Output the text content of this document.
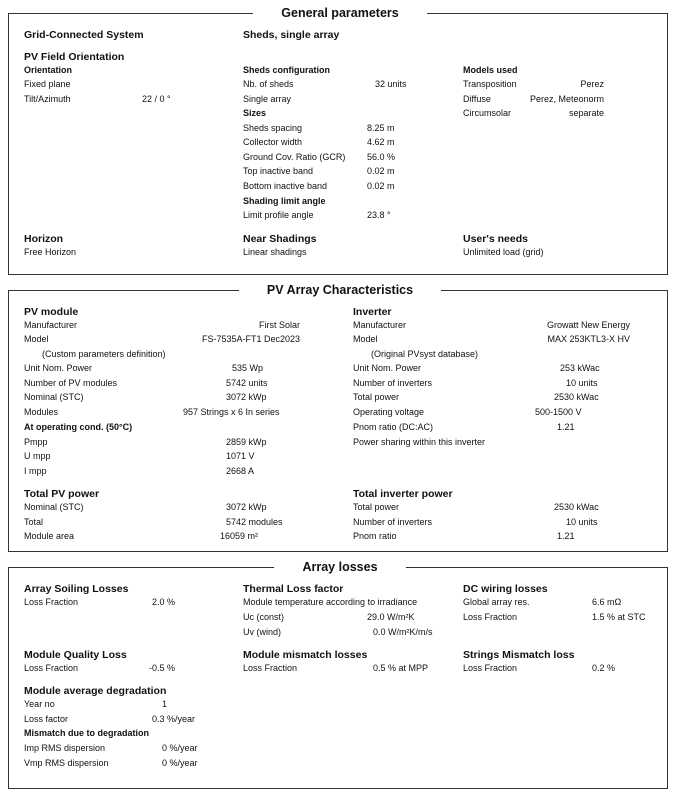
General parameters
Grid-Connected System	Sheds, single array
PV Field Orientation
Orientation
Fixed plane
Tilt/Azimuth	22 / 0 °
Sheds configuration
Nb. of sheds	32 units
Single array
Sizes
Sheds spacing	8.25 m
Collector width	4.62 m
Ground Cov. Ratio (GCR) 56.0 %
Top inactive band	0.02 m
Bottom inactive band	0.02 m
Shading limit angle
Limit profile angle	23.8 °
Models used
Transposition	Perez
Diffuse	Perez, Meteonorm
Circumsolar	separate
Horizon
Free Horizon
Near Shadings
Linear shadings
User's needs
Unlimited load (grid)
PV Array Characteristics
PV module
Manufacturer	First Solar
Model	FS-7535A-FT1 Dec2023
(Custom parameters definition)
Unit Nom. Power	535 Wp
Number of PV modules	5742 units
Nominal (STC)	3072 kWp
Modules	957 Strings x 6 In series
At operating cond. (50°C)
Pmpp	2859 kWp
U mpp	1071 V
I mpp	2668 A
Inverter
Manufacturer	Growatt New Energy
Model	MAX 253KTL3-X HV
(Original PVsyst database)
Unit Nom. Power	253 kWac
Number of inverters	10 units
Total power	2530 kWac
Operating voltage	500-1500 V
Pnom ratio (DC:AC)	1.21
Power sharing within this inverter
Total PV power
Nominal (STC)	3072 kWp
Total	5742 modules
Module area	16059 m²
Total inverter power
Total power	2530 kWac
Number of inverters	10 units
Pnom ratio	1.21
Array losses
Array Soiling Losses
Loss Fraction	2.0 %
Thermal Loss factor
Module temperature according to irradiance
Uc (const)	29.0 W/m²K
Uv (wind)	0.0 W/m²K/m/s
DC wiring losses
Global array res.	6.6 mΩ
Loss Fraction	1.5 % at STC
Module Quality Loss
Loss Fraction	-0.5 %
Module mismatch losses
Loss Fraction	0.5 % at MPP
Strings Mismatch loss
Loss Fraction	0.2 %
Module average degradation
Year no	1
Loss factor	0.3 %/year
Mismatch due to degradation
Imp RMS dispersion	0 %/year
Vmp RMS dispersion	0 %/year
